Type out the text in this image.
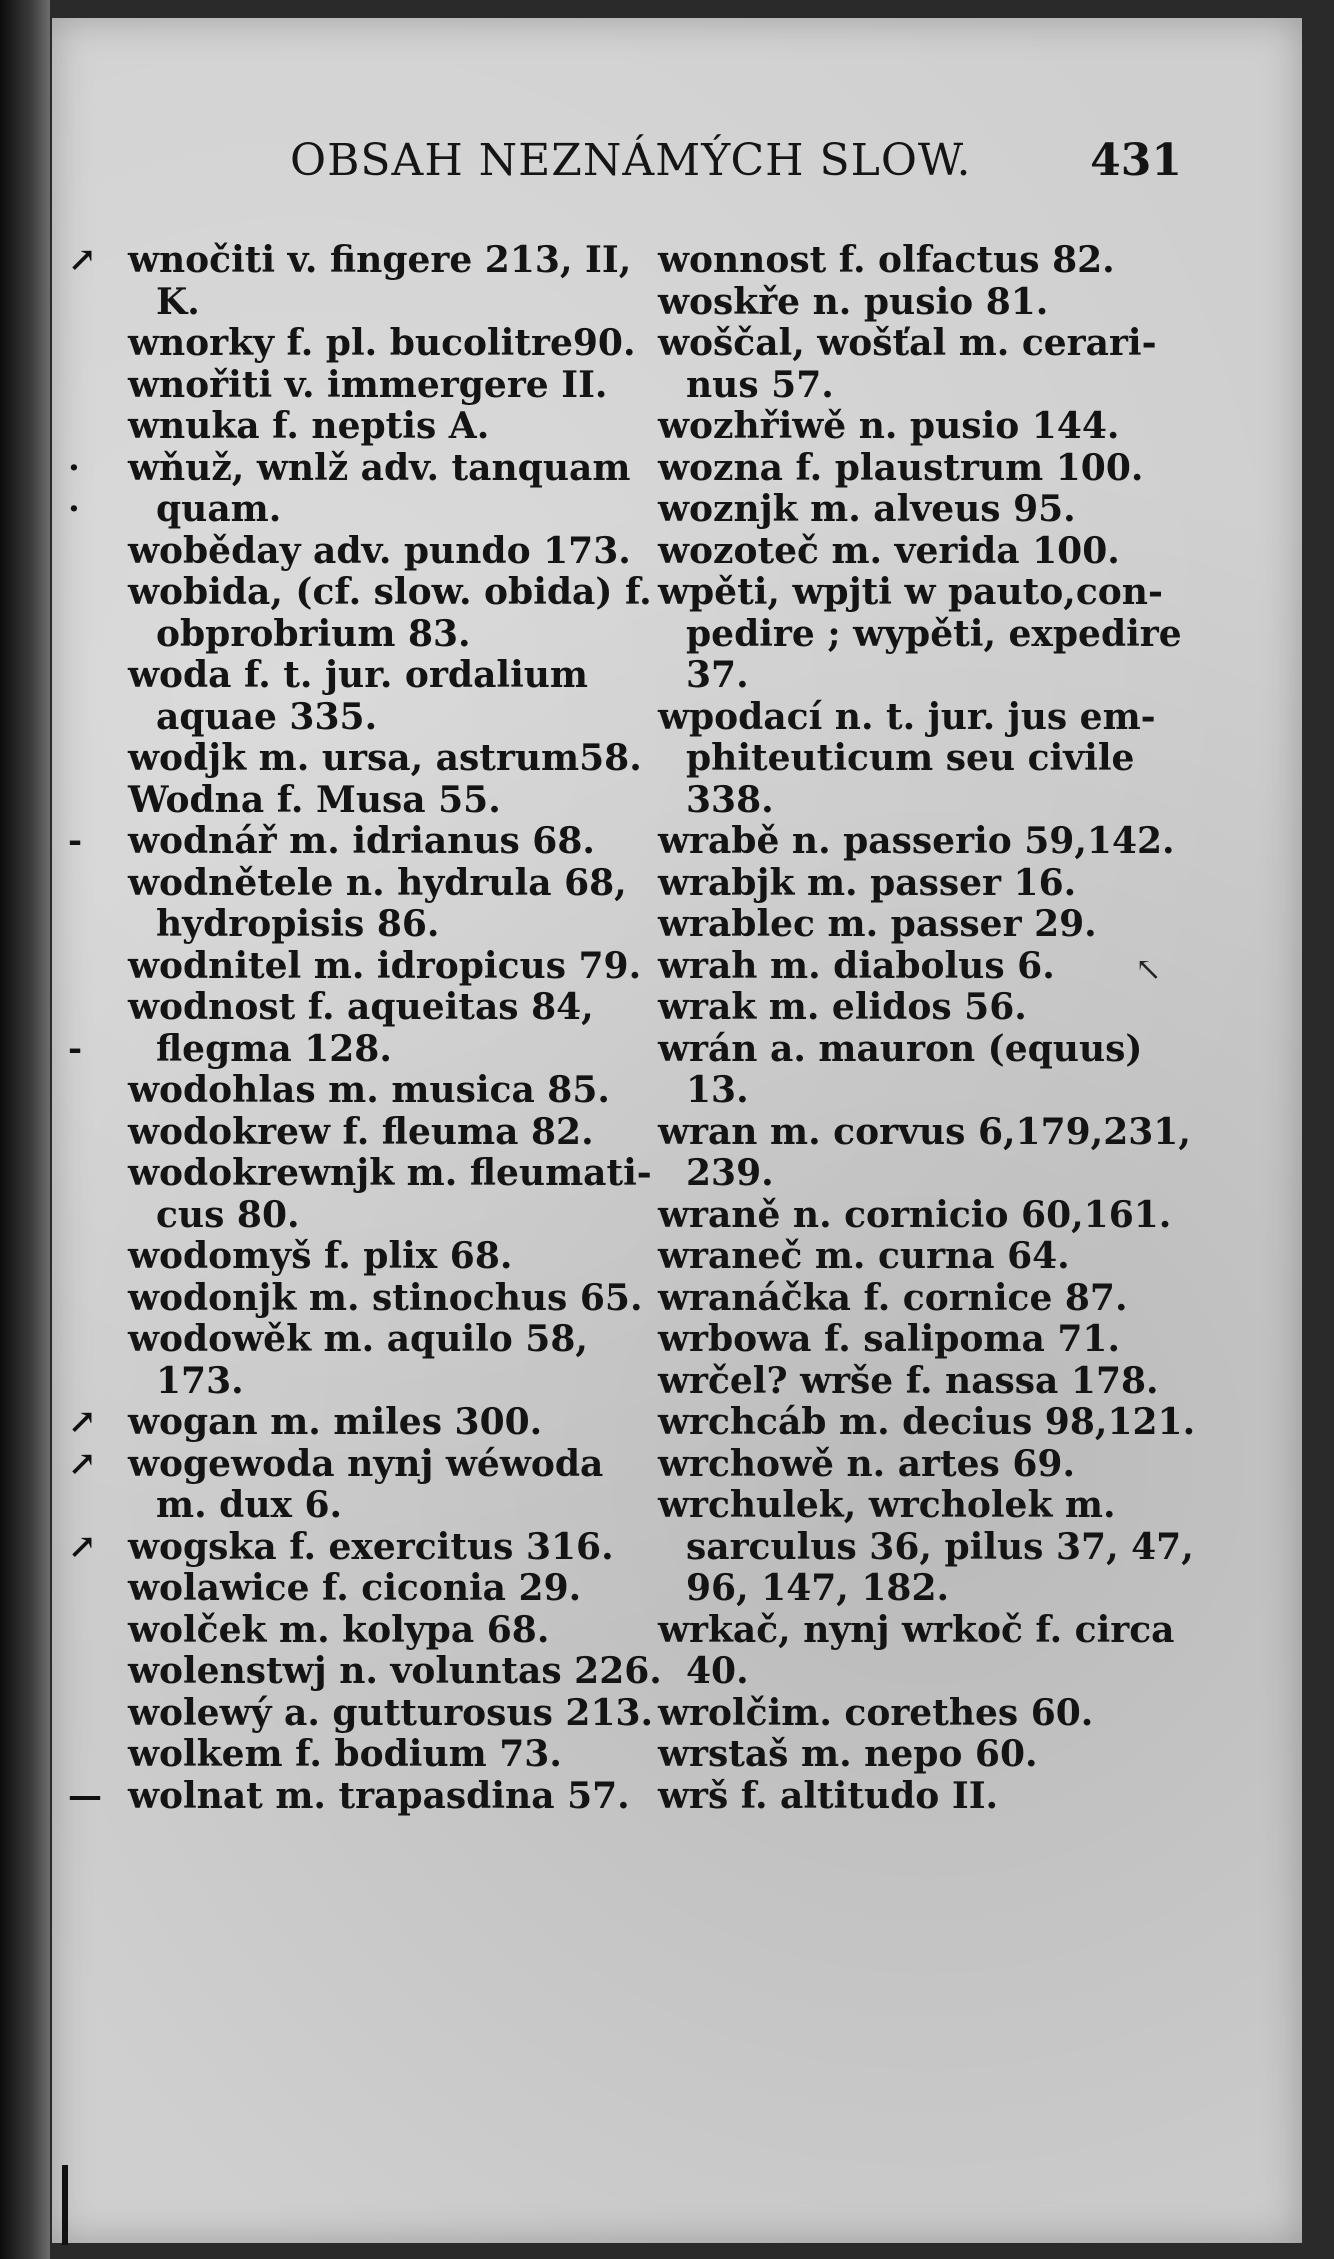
OBSAH NEZNÁMÝCH SLOW.	431
↗
·
·
-
-
↗
↗
↗
—
wnočiti v. fingere 213, II,
K.
wnorky f. pl. bucolitre90.
wnořiti v. immergere II.
wnuka f. neptis A.
wňuž, wnlž adv. tanquam
quam.
woběday adv. pundo 173.
wobida, (cf. slow. obida) f.
obprobrium 83.
woda f. t. jur. ordalium
aquae 335.
wodjk m. ursa, astrum58.
Wodna f. Musa 55.
wodnář m. idrianus 68.
wodnětele n. hydrula 68,
hydropisis 86.
wodnitel m. idropicus 79.
wodnost f. aqueitas 84,
flegma 128.
wodohlas m. musica 85.
wodokrew f. fleuma 82.
wodokrewnjk m. fleumati-
cus 80.
wodomyš f. plix 68.
wodonjk m. stinochus 65.
wodowěk m. aquilo 58,
173.
wogan m. miles 300.
wogewoda nynj wéwoda
m. dux 6.
wogska f. exercitus 316.
wolawice f. ciconia 29.
wolček m. kolypa 68.
wolenstwj n. voluntas 226.
wolewý a. gutturosus 213.
wolkem f. bodium 73.
wolnat m. trapasdina 57.
wonnost f. olfactus 82.
woskře n. pusio 81.
woščal, wošťal m. cerari-
nus 57.
wozhřiwě n. pusio 144.
wozna f. plaustrum 100.
woznjk m. alveus 95.
wozoteč m. verida 100.
wpěti, wpjti w pauto,con-
pedire ; wypěti, expedire
37.
wpodací n. t. jur. jus em-
phiteuticum seu civile
338.
wrabě n. passerio 59,142.
wrabjk m. passer 16.
wrablec m. passer 29.
wrah m. diabolus 6.
wrak m. elidos 56.
wrán a. mauron (equus)
13.
wran m. corvus 6,179,231,
239.
wraně n. cornicio 60,161.
wraneč m. curna 64.
wranáčka f. cornice 87.
wrbowa f. salipoma 71.
wrčel? wrše f. nassa 178.
wrchcáb m. decius 98,121.
wrchowě n. artes 69.
wrchulek, wrcholek m.
sarculus 36, pilus 37, 47,
96, 147, 182.
wrkač, nynj wrkoč f. circa
40.
wrolčim. corethes 60.
wrstaš m. nepo 60.
wrš f. altitudo II.
↖
